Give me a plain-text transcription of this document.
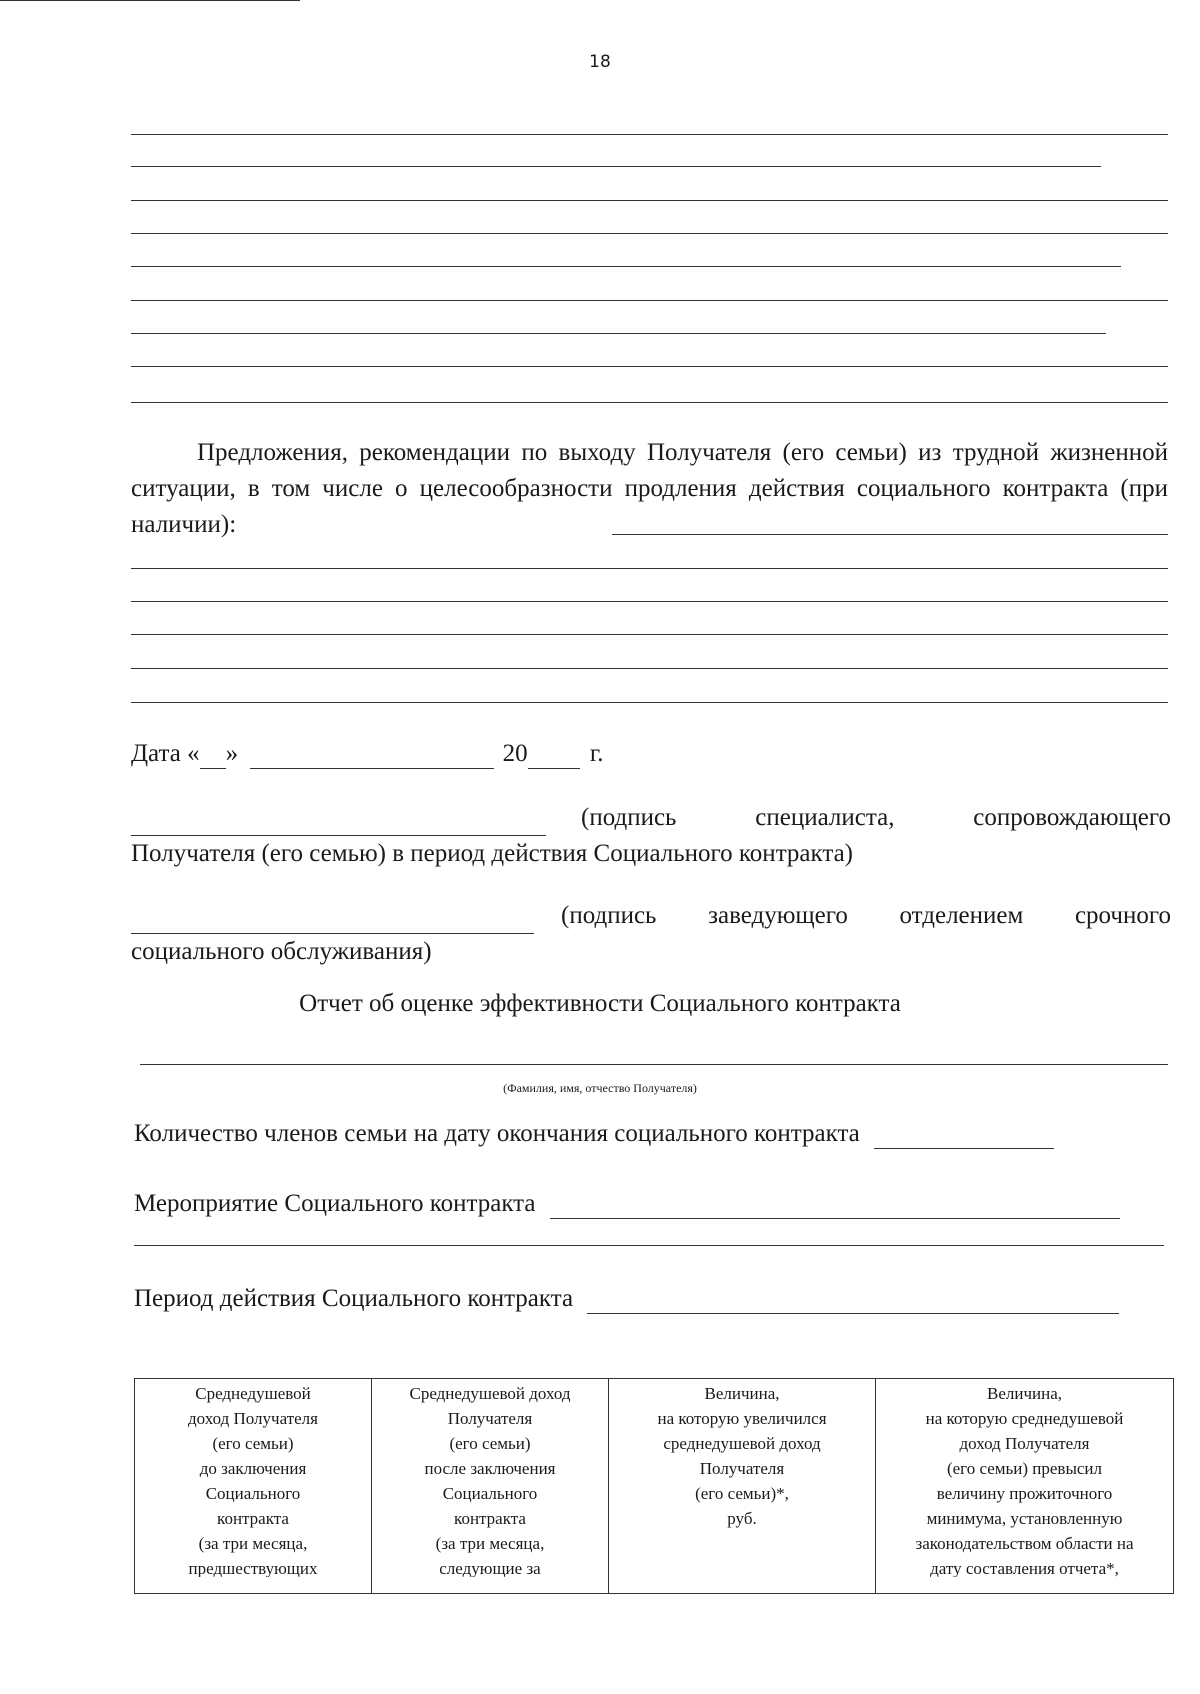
18

Предложения, рекомендации по выходу Получателя (его семьи) из трудной жизненной ситуации, в том числе о целесообразности продления действия социального контракта (при наличии):

Дата « »	20 г.
(подпись специалиста, сопровождающего
Получателя (его семью) в период действия Социального контракта)
(подпись заведующего отделением срочного
социального обслуживания)
Отчет об оценке эффективности Социального контракта
(Фамилия, имя, отчество Получателя)
Количество членов семьи на дату окончания социального контракта
Мероприятие Социального контракта
Период действия Социального контракта
Среднедушевой
доход Получателя
(его семьи)
до заключения
Социального
контракта
(за три месяца,
предшествующих

Среднедушевой доход
Получателя
(его семьи)
после заключения
Социального
контракта
(за три месяца,
следующие за

Величина,
на которую увеличился
среднедушевой доход
Получателя
(его семьи)*,
руб.

Величина,
на которую среднедушевой
доход Получателя
(его семьи) превысил
величину прожиточного
минимума, установленную
законодательством области на
дату составления отчета*,
